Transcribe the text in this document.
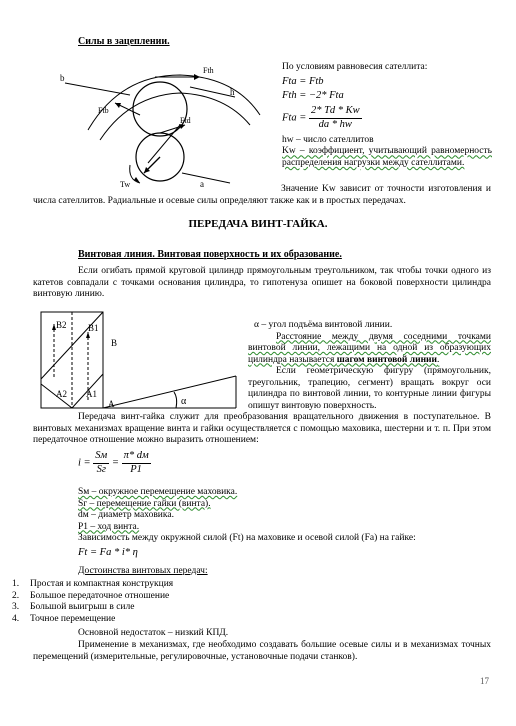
Силы в зацеплении.
b
Fth
h
Ftb
Ftd
Tw	a
По условиям равновесия сателлита:
Fta = Ftb
Fth = −2* Fta
Fta = $\frac{2* Td * Kw}{da * hw}$
hw – число сателлитов
Kw – коэффициент, учитывающий равномерность распределения нагрузки между сателлитами.
Значение Kw зависит от точности изготовления и числа сателлитов. Радиальные и осевые силы определяют также как и в простых передачах.
ПЕРЕДАЧА ВИНТ-ГАЙКА.
Винтовая линия. Винтовая поверхность и их образование.
Если огибать прямой круговой цилиндр прямоугольным треугольником, так чтобы точки одного из катетов совпадали с точками основания цилиндра, то гипотенуза опишет на боковой поверхности цилиндра винтовую линию.
B2 B1
B
A2 A1
A	α
α – угол подъёма винтовой линии.
Расстояние между двумя соседними точками винтовой линии, лежащими на одной из образующих цилиндра называется шагом винтовой линии.
Если геометрическую фигуру (прямоугольник, треугольник, трапецию, сегмент) вращать вокруг оси цилиндра по винтовой линии, то контурные линии фигуры опишут винтовую поверхность.
Передача винт-гайка служит для преобразования вращательного движения в поступательное. В винтовых механизмах вращение винта и гайки осуществляется с помощью маховика, шестерни и т. п. При этом передаточное отношение можно выразить отношением:
$i = \frac{Sм}{Sг} = \frac{\pi* dм}{P1}$
Sм – окружное перемещение маховика.
Sг – перемещение гайки (винта).
dм – диаметр маховика.
P1 – ход винта.
Зависимость между окружной силой (Ft) на маховике и осевой силой (Fa) на гайке:
Ft = Fa * i* η
Достоинства винтовых передач:
1.	Простая и компактная конструкция
2.	Большое передаточное отношение
3.	Большой выигрыш в силе
4.	Точное перемещение
Основной недостаток – низкий КПД.
Применение в механизмах, где необходимо создавать большие осевые силы и в механизмах точных перемещений (измерительные, регулировочные, установочные подачи станков).
17
